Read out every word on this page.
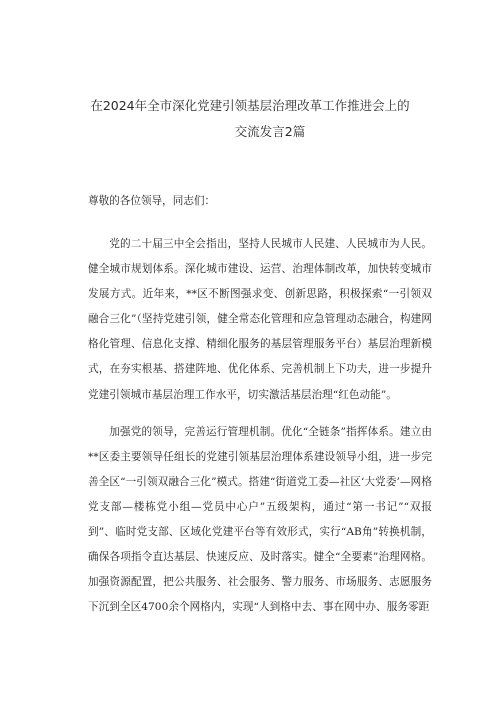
在2024年全市深化党建引领基层治理改革工作推进会上的
交流发言2篇

尊敬的各位领导，同志们：

党的二十届三中全会指出，坚持人民城市人民建、人民城市为人民。健全城市规划体系。深化城市建设、运营、治理体制改革，加快转变城市发展方式。近年来，**区不断图强求变、创新思路，积极探索“一引领双融合三化”（坚持党建引领，健全常态化管理和应急管理动态融合，构建网格化管理、信息化支撑、精细化服务的基层管理服务平台）基层治理新模式，在夯实根基、搭建阵地、优化体系、完善机制上下功夫，进一步提升党建引领城市基层治理工作水平，切实激活基层治理“红色动能”。

加强党的领导，完善运行管理机制。优化“全链条”指挥体系。建立由**区委主要领导任组长的党建引领基层治理体系建设领导小组，进一步完善全区“一引领双融合三化”模式。搭建“街道党工委—社区‘大党委’—网格党支部—楼栋党小组—党员中心户”五级架构，通过“第一书记”“双报到”、临时党支部、区域化党建平台等有效形式，实行“AB角”转换机制，确保各项指令直达基层、快速反应、及时落实。健全“全要素”治理网格。加强资源配置，把公共服务、社会服务、警力服务、市场服务、志愿服务下沉到全区4700余个网格内，实现“人到格中去、事在网中办、服务零距
